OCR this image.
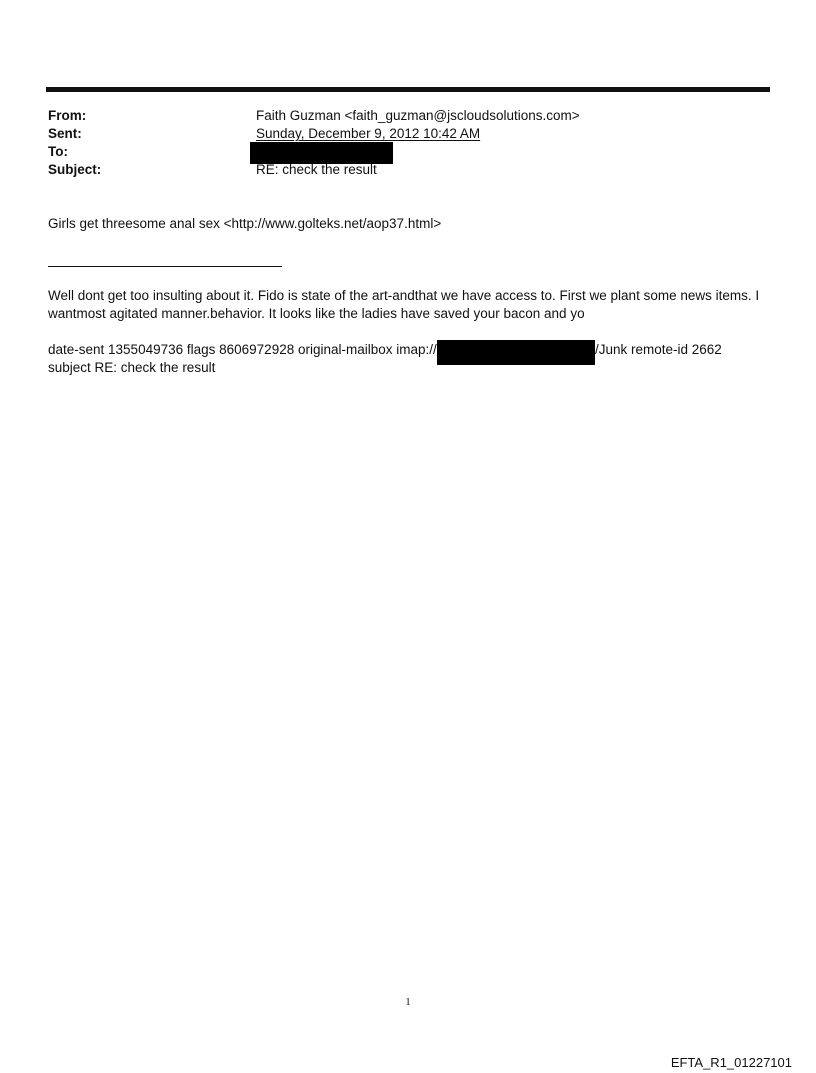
From:	Faith Guzman <faith_guzman@jscloudsolutions.com>
Sent:	Sunday, December 9, 2012 10:42 AM
To:
Subject:	RE: check the result
Girls get threesome anal sex <http://www.golteks.net/aop37.html>
Well dont get too insulting about it. Fido is state of the art-andthat we have access to. First we plant some news items. I
wantmost agitated manner.behavior. It looks like the ladies have saved your bacon and yo
date-sent 1355049736 flags 8606972928 original-mailbox imap://	/Junk remote-id 2662
subject RE: check the result
1
EFTA_R1_01227101
